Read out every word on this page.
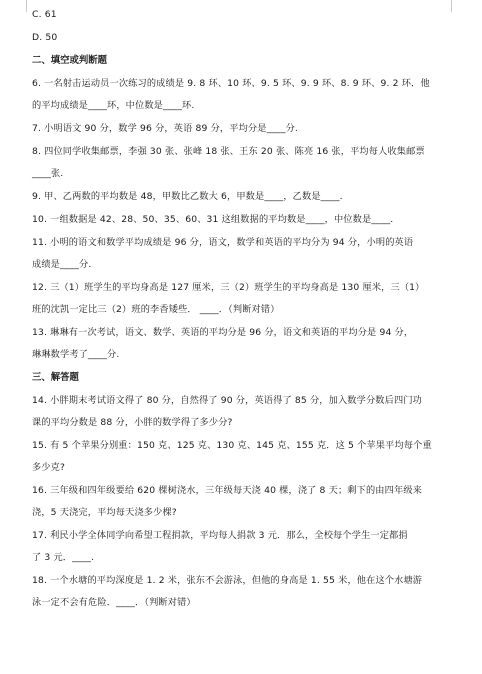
C. 61
D. 50
二、填空或判断题
6. 一名射击运动员一次练习的成绩是 9. 8 环、10 环、9. 5 环、9. 9 环、8. 9 环、9. 2 环．他
的平均成绩是____环，中位数是____环.
7. 小明语文 90 分，数学 96 分，英语 89 分，平均分是____分.
8. 四位同学收集邮票，李强 30 张、张峰 18 张、王东 20 张、陈亮 16 张，平均每人收集邮票
____张.
9. 甲、乙两数的平均数是 48，甲数比乙数大 6，甲数是____，乙数是____.
10. 一组数据是 42、28、50、35、60、31 这组数据的平均数是____，中位数是____.
11. 小明的语文和数学平均成绩是 96 分，语文，数学和英语的平均分为 94 分，小明的英语
成绩是____分.
12. 三（1）班学生的平均身高是 127 厘米，三（2）班学生的平均身高是 130 厘米，三（1）
班的沈凯一定比三（2）班的李香矮些． ____．（判断对错）
13. 琳琳有一次考试，语文、数学、英语的平均分是 96 分，语文和英语的平均分是 94 分，
琳琳数学考了____分.
三、解答题
14. 小胖期末考试语文得了 80 分，自然得了 90 分，英语得了 85 分，加入数学分数后四门功
课的平均分数是 88 分，小胖的数学得了多少分?
15. 有 5 个苹果分别重：150 克、125 克、130 克、145 克、155 克．这 5 个苹果平均每个重
多少克?
16. 三年级和四年级要给 620 棵树浇水，三年级每天浇 40 棵，浇了 8 天；剩下的由四年级来
浇，5 天浇完，平均每天浇多少棵?
17. 利民小学全体同学向希望工程捐款，平均每人捐款 3 元．那么，全校每个学生一定都捐
了 3 元．____.
18. 一个水塘的平均深度是 1. 2 米，张东不会游泳，但他的身高是 1. 55 米，他在这个水塘游
泳一定不会有危险．____．（判断对错）
